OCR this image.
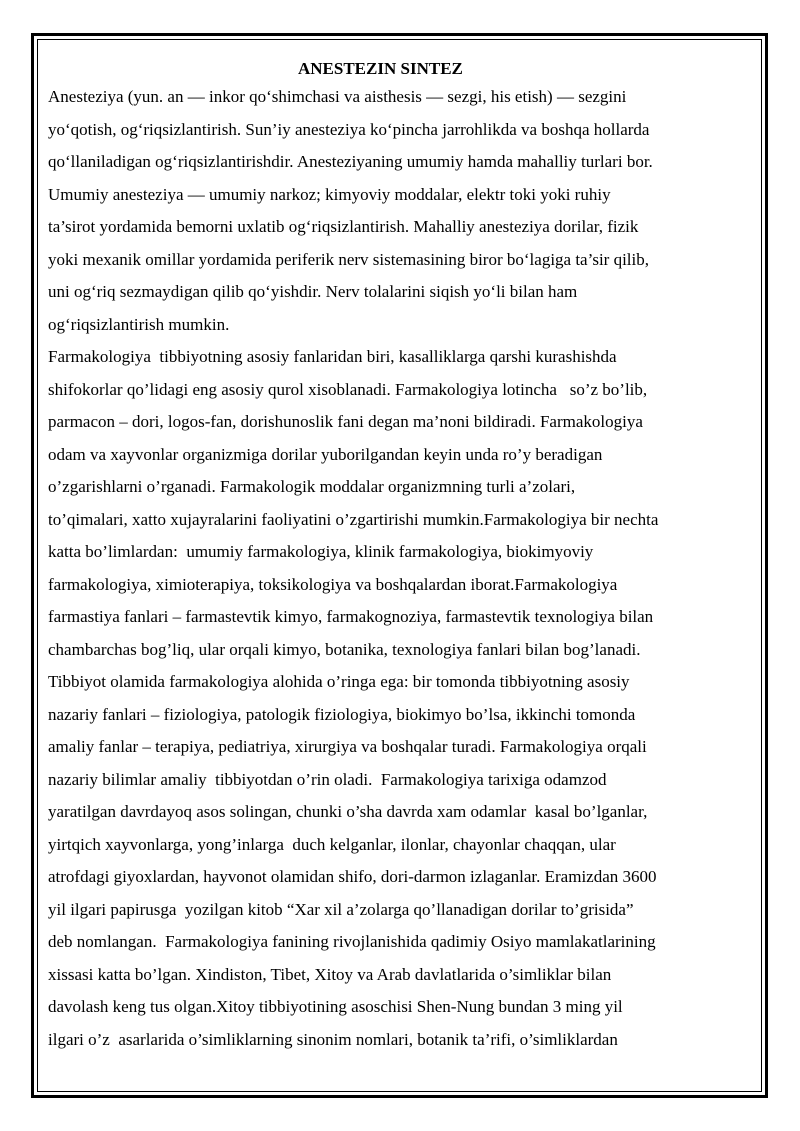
ANESTEZIN SINTEZ
Anesteziya (yun. an — inkor qo‘shimchasi va aisthesis — sezgi, his etish) — sezgini
yo‘qotish, og‘riqsizlantirish. Sun’iy anesteziya ko‘pincha jarrohlikda va boshqa hollarda
qo‘llaniladigan og‘riqsizlantirishdir. Anesteziyaning umumiy hamda mahalliy turlari bor.
Umumiy anesteziya — umumiy narkoz; kimyoviy moddalar, elektr toki yoki ruhiy
ta’sirot yordamida bemorni uxlatib og‘riqsizlantirish. Mahalliy anesteziya dorilar, fizik
yoki mexanik omillar yordamida periferik nerv sistemasining biror bo‘lagiga ta’sir qilib,
uni og‘riq sezmaydigan qilib qo‘yishdir. Nerv tolalarini siqish yo‘li bilan ham
og‘riqsizlantirish mumkin.
Farmakologiya  tibbiyotning asosiy fanlaridan biri, kasalliklarga qarshi kurashishda
shifokorlar qo’lidagi eng asosiy qurol xisoblanadi. Farmakologiya lotincha   so’z bo’lib,
parmacon – dori, logos-fan, dorishunoslik fani degan ma’noni bildiradi. Farmakologiya
odam va xayvonlar organizmiga dorilar yuborilgandan keyin unda ro’y beradigan
o’zgarishlarni o’rganadi. Farmakologik moddalar organizmning turli a’zolari,
to’qimalari, xatto xujayralarini faoliyatini o’zgartirishi mumkin.Farmakologiya bir nechta
katta bo’limlardan:  umumiy farmakologiya, klinik farmakologiya, biokimyoviy
farmakologiya, ximioterapiya, toksikologiya va boshqalardan iborat.Farmakologiya
farmastiya fanlari – farmastevtik kimyo, farmakognoziya, farmastevtik texnologiya bilan
chambarchas bog’liq, ular orqali kimyo, botanika, texnologiya fanlari bilan bog’lanadi.
Tibbiyot olamida farmakologiya alohida o’ringa ega: bir tomonda tibbiyotning asosiy
nazariy fanlari – fiziologiya, patologik fiziologiya, biokimyo bo’lsa, ikkinchi tomonda
amaliy fanlar – terapiya, pediatriya, xirurgiya va boshqalar turadi. Farmakologiya orqali
nazariy bilimlar amaliy  tibbiyotdan o’rin oladi.  Farmakologiya tarixiga odamzod
yaratilgan davrdayoq asos solingan, chunki o’sha davrda xam odamlar  kasal bo’lganlar,
yirtqich xayvonlarga, yong’inlarga  duch kelganlar, ilonlar, chayonlar chaqqan, ular
atrofdagi giyoxlardan, hayvonot olamidan shifo, dori-darmon izlaganlar. Eramizdan 3600
yil ilgari papirusga  yozilgan kitob “Xar xil a’zolarga qo’llanadigan dorilar to’grisida”
deb nomlangan.  Farmakologiya fanining rivojlanishida qadimiy Osiyo mamlakatlarining
xissasi katta bo’lgan. Xindiston, Tibet, Xitoy va Arab davlatlarida o’simliklar bilan
davolash keng tus olgan.Xitoy tibbiyotining asoschisi Shen-Nung bundan 3 ming yil
ilgari o’z  asarlarida o’simliklarning sinonim nomlari, botanik ta’rifi, o’simliklardan
